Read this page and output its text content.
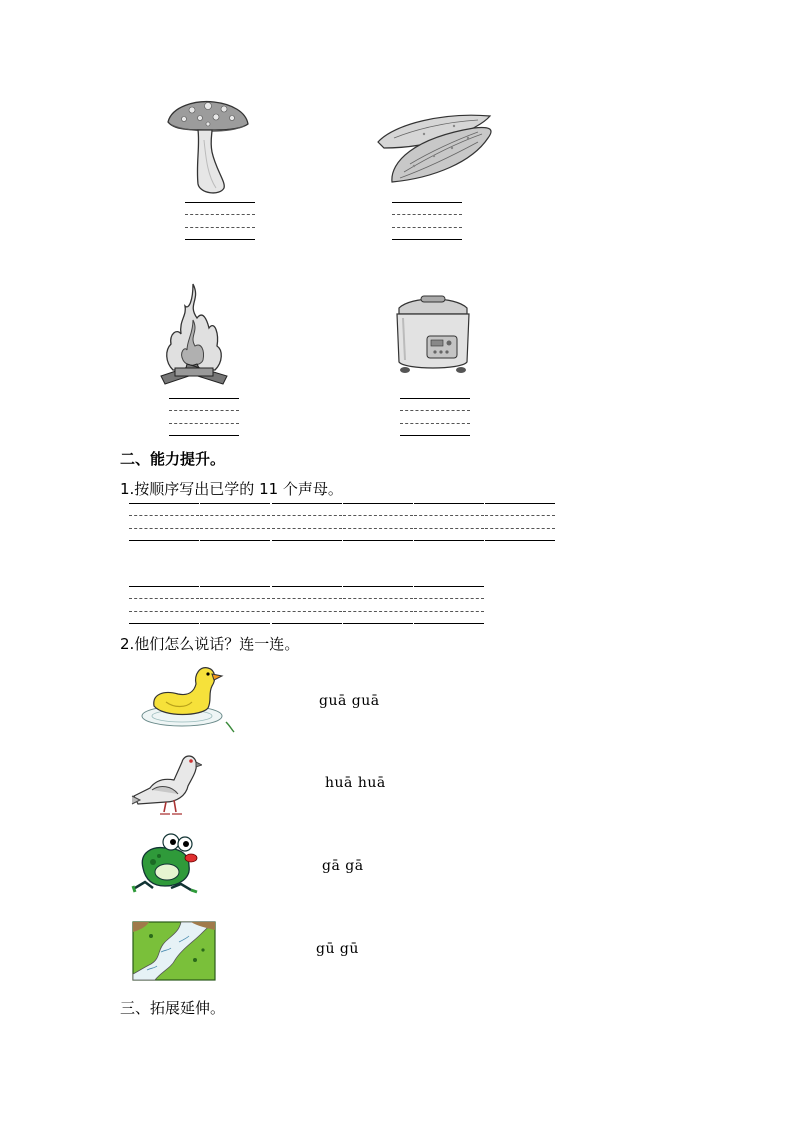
二、能力提升。
1.按顺序写出已学的 11 个声母。
2.他们怎么说话？连一连。
guā guā
huā huā
gā gā
gū gū
三、拓展延伸。
